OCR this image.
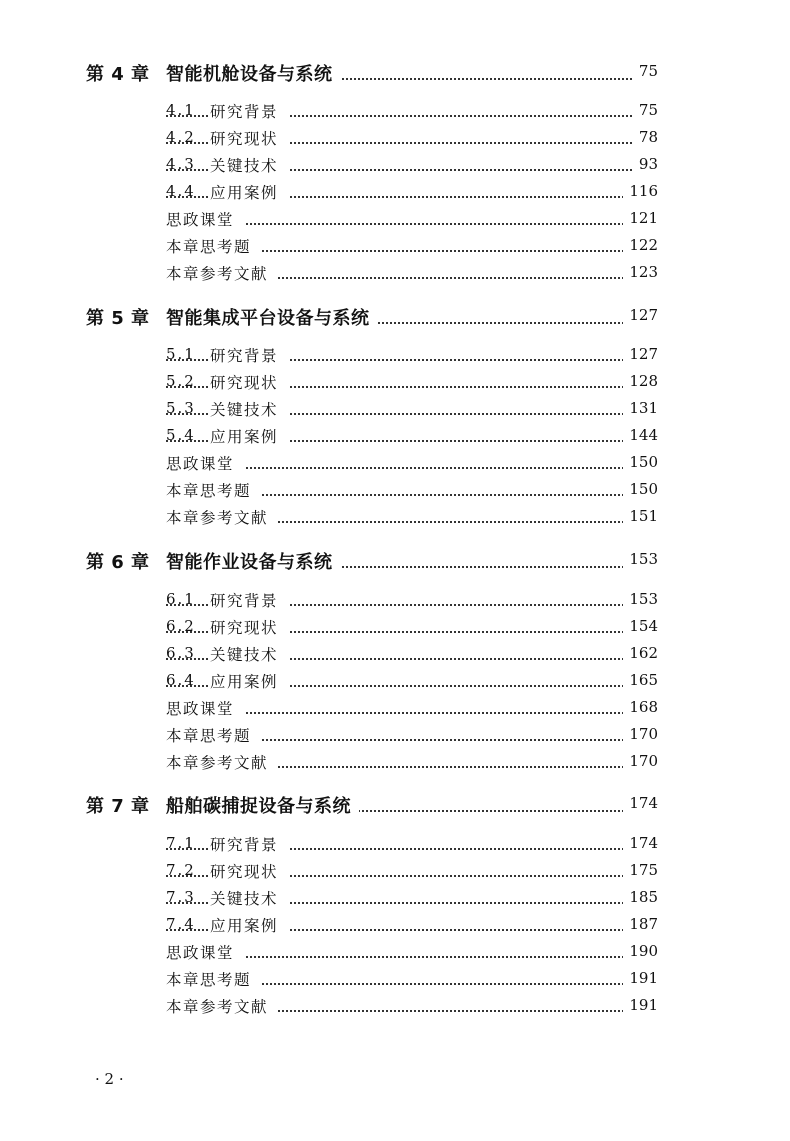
第 4 章 智能机舱设备与系统	75
4.1 研究背景	75
4.2 研究现状	78
4.3 关键技术	93
4.4 应用案例	116
思政课堂	121
本章思考题	122
本章参考文献	123
第 5 章 智能集成平台设备与系统	127
5.1 研究背景	127
5.2 研究现状	128
5.3 关键技术	131
5.4 应用案例	144
思政课堂	150
本章思考题	150
本章参考文献	151
第 6 章 智能作业设备与系统	153
6.1 研究背景	153
6.2 研究现状	154
6.3 关键技术	162
6.4 应用案例	165
思政课堂	168
本章思考题	170
本章参考文献	170
第 7 章 船舶碳捕捉设备与系统	174
7.1 研究背景	174
7.2 研究现状	175
7.3 关键技术	185
7.4 应用案例	187
思政课堂	190
本章思考题	191
本章参考文献	191
· 2 ·
